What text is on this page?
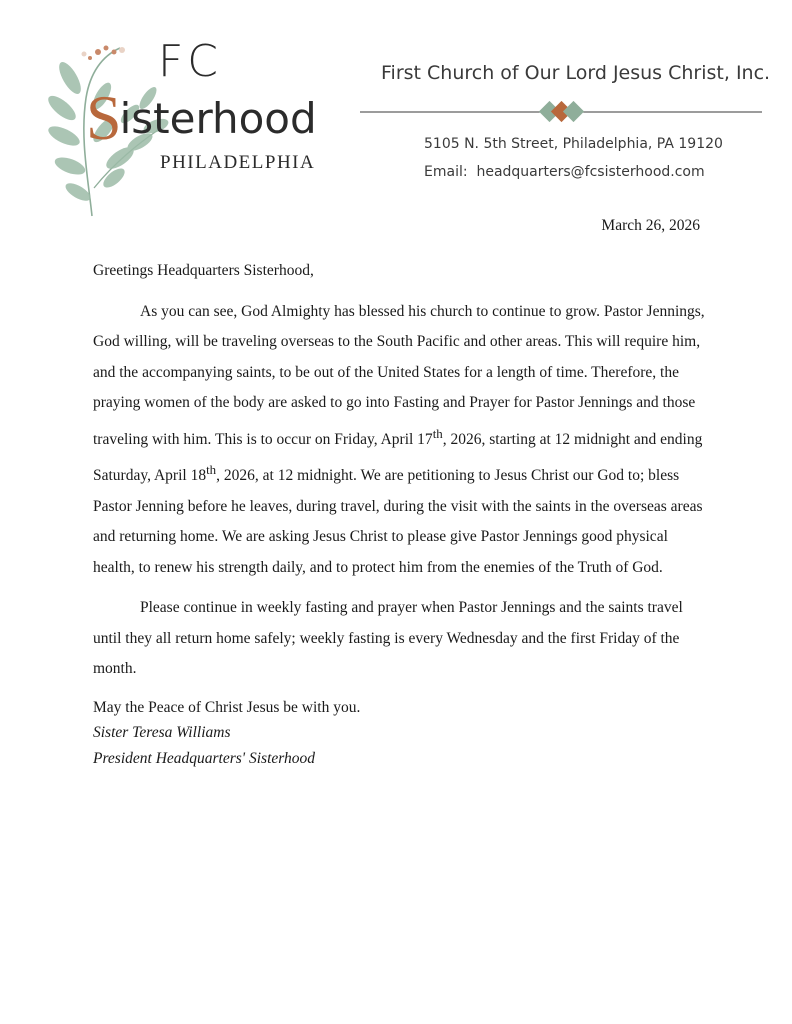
FC
Sisterhood
PHILADELPHIA
First Church of Our Lord Jesus Christ, Inc.
5105 N. 5th Street, Philadelphia, PA 19120
Email: headquarters@fcsisterhood.com
March 26, 2026

Greetings Headquarters Sisterhood,

As you can see, God Almighty has blessed his church to continue to grow. Pastor Jennings, God willing, will be traveling overseas to the South Pacific and other areas. This will require him, and the accompanying saints, to be out of the United States for a length of time. Therefore, the praying women of the body are asked to go into Fasting and Prayer for Pastor Jennings and those traveling with him. This is to occur on Friday, April 17th, 2026, starting at 12 midnight and ending Saturday, April 18th, 2026, at 12 midnight. We are petitioning to Jesus Christ our God to; bless Pastor Jenning before he leaves, during travel, during the visit with the saints in the overseas areas and returning home. We are asking Jesus Christ to please give Pastor Jennings good physical health, to renew his strength daily, and to protect him from the enemies of the Truth of God.

Please continue in weekly fasting and prayer when Pastor Jennings and the saints travel until they all return home safely; weekly fasting is every Wednesday and the first Friday of the month.

May the Peace of Christ Jesus be with you.
Sister Teresa Williams
President Headquarters' Sisterhood
